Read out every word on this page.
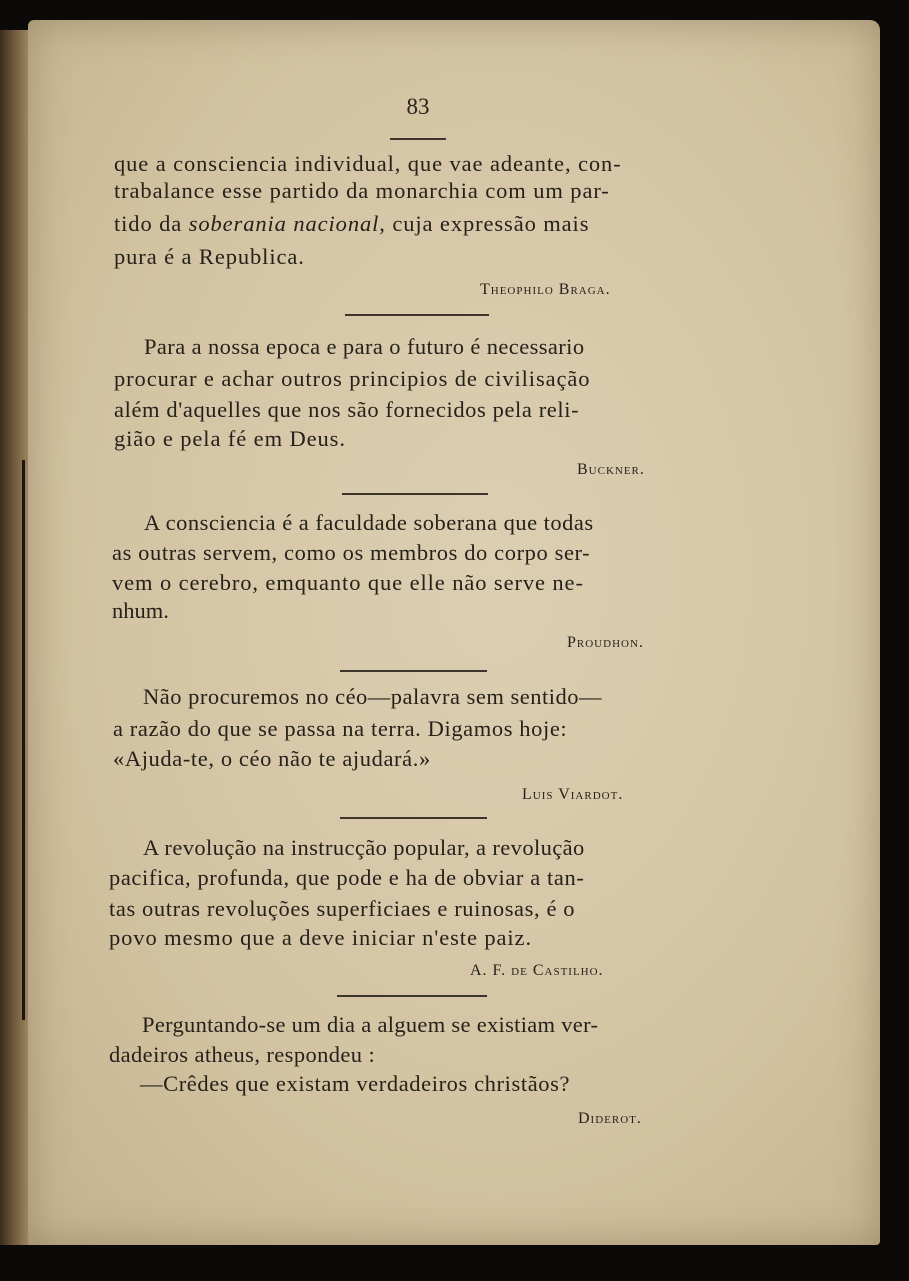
83

que a consciencia individual, que vae adeante, con-

trabalance esse partido da monarchia com um par-

tido da soberania nacional, cuja expressão mais

pura é a Republica.

Theophilo Braga.

Para a nossa epoca e para o futuro é necessario

procurar e achar outros principios de civilisação

além d'aquelles que nos são fornecidos pela reli-

gião e pela fé em Deus.

Buckner.

A consciencia é a faculdade soberana que todas

as outras servem, como os membros do corpo ser-

vem o cerebro, emquanto que elle não serve ne-

nhum.

Proudhon.

Não procuremos no céo—palavra sem sentido—

a razão do que se passa na terra. Digamos hoje:

«Ajuda-te, o céo não te ajudará.»

Luis Viardot.

A revolução na instrucção popular, a revolução

pacifica, profunda, que pode e ha de obviar a tan-

tas outras revoluções superficiaes e ruinosas, é o

povo mesmo que a deve iniciar n'este paiz.

A. F. de Castilho.

Perguntando-se um dia a alguem se existiam ver-

dadeiros atheus, respondeu :

—Crêdes que existam verdadeiros christãos?

Diderot.
